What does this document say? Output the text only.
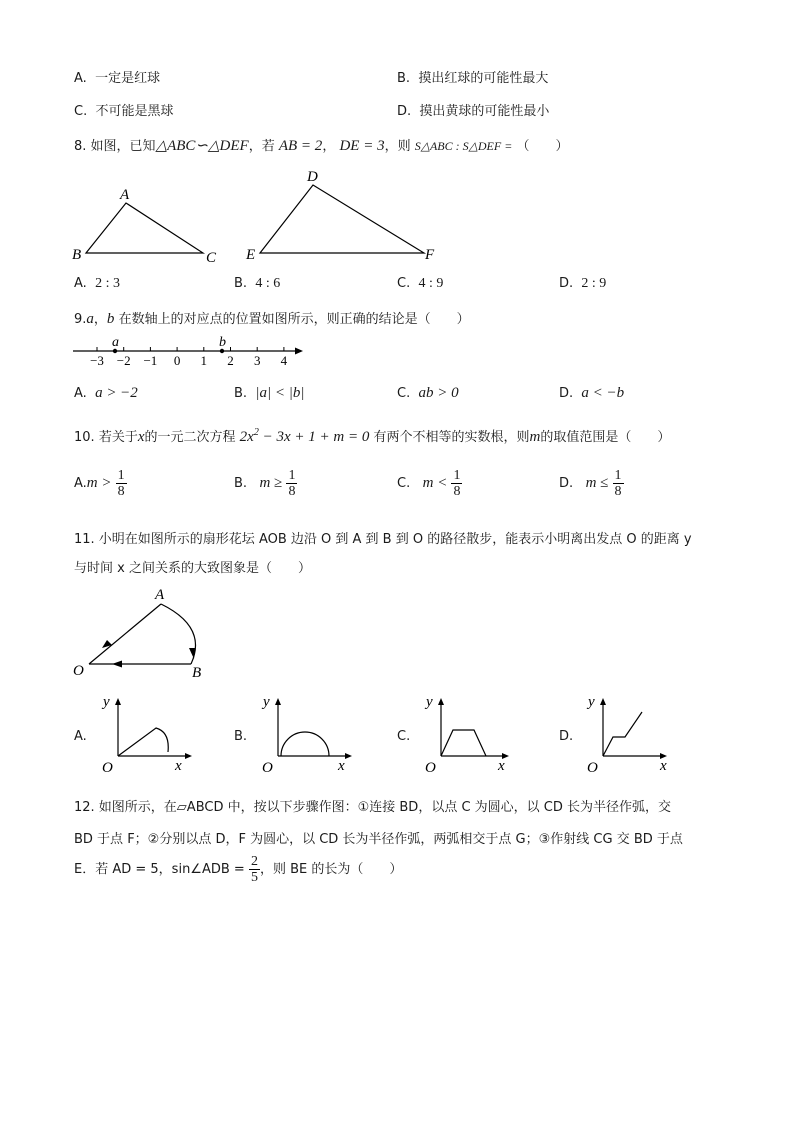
A. 一定是红球	B. 摸出红球的可能性最大
C. 不可能是黑球	D. 摸出黄球的可能性最小
8. 如图，已知△ABC∽△DEF，若 AB = 2， DE = 3，则 S△ABC : S△DEF = （　　）
A
B	C
D
E	F
A. 2 : 3	B. 4 : 6	C. 4 : 9	D. 2 : 9
9.a，b 在数轴上的对应点的位置如图所示，则正确的结论是（　　）
−3 −2 −1 0 1 2 3 4
a	b
A. a > −2	B. |a| < |b|	C. ab > 0	D. a < −b
10. 若关于x的一元二次方程 $2x^2 - 3x + 1 + m = 0$ 有两个不相等的实数根，则m的取值范围是（　　）
$A.m > \frac{1}{8}$	B. $m \ge \frac{1}{8}$	C. $m < \frac{1}{8}$	D. $m \le \frac{1}{8}$
11. 小明在如图所示的扇形花坛 AOB 边沿 O 到 A 到 B 到 O 的路径散步，能表示小明离出发点 O 的距离 y
与时间 x 之间关系的大致图象是（　　）
A
O	B
A.
y
x
O
B.
y
x
O
C.
y
x
O
D.
y
x
O
12. 如图所示，在▱ABCD 中，按以下步骤作图：①连接 BD，以点 C 为圆心，以 CD 长为半径作弧，交
BD 于点 F；②分别以点 D，F 为圆心，以 CD 长为半径作弧，两弧相交于点 G；③作射线 CG 交 BD 于点
E．若 AD = 5，sin∠ADB = $\frac{2}{5}$ ，则 BE 的长为（　　）
